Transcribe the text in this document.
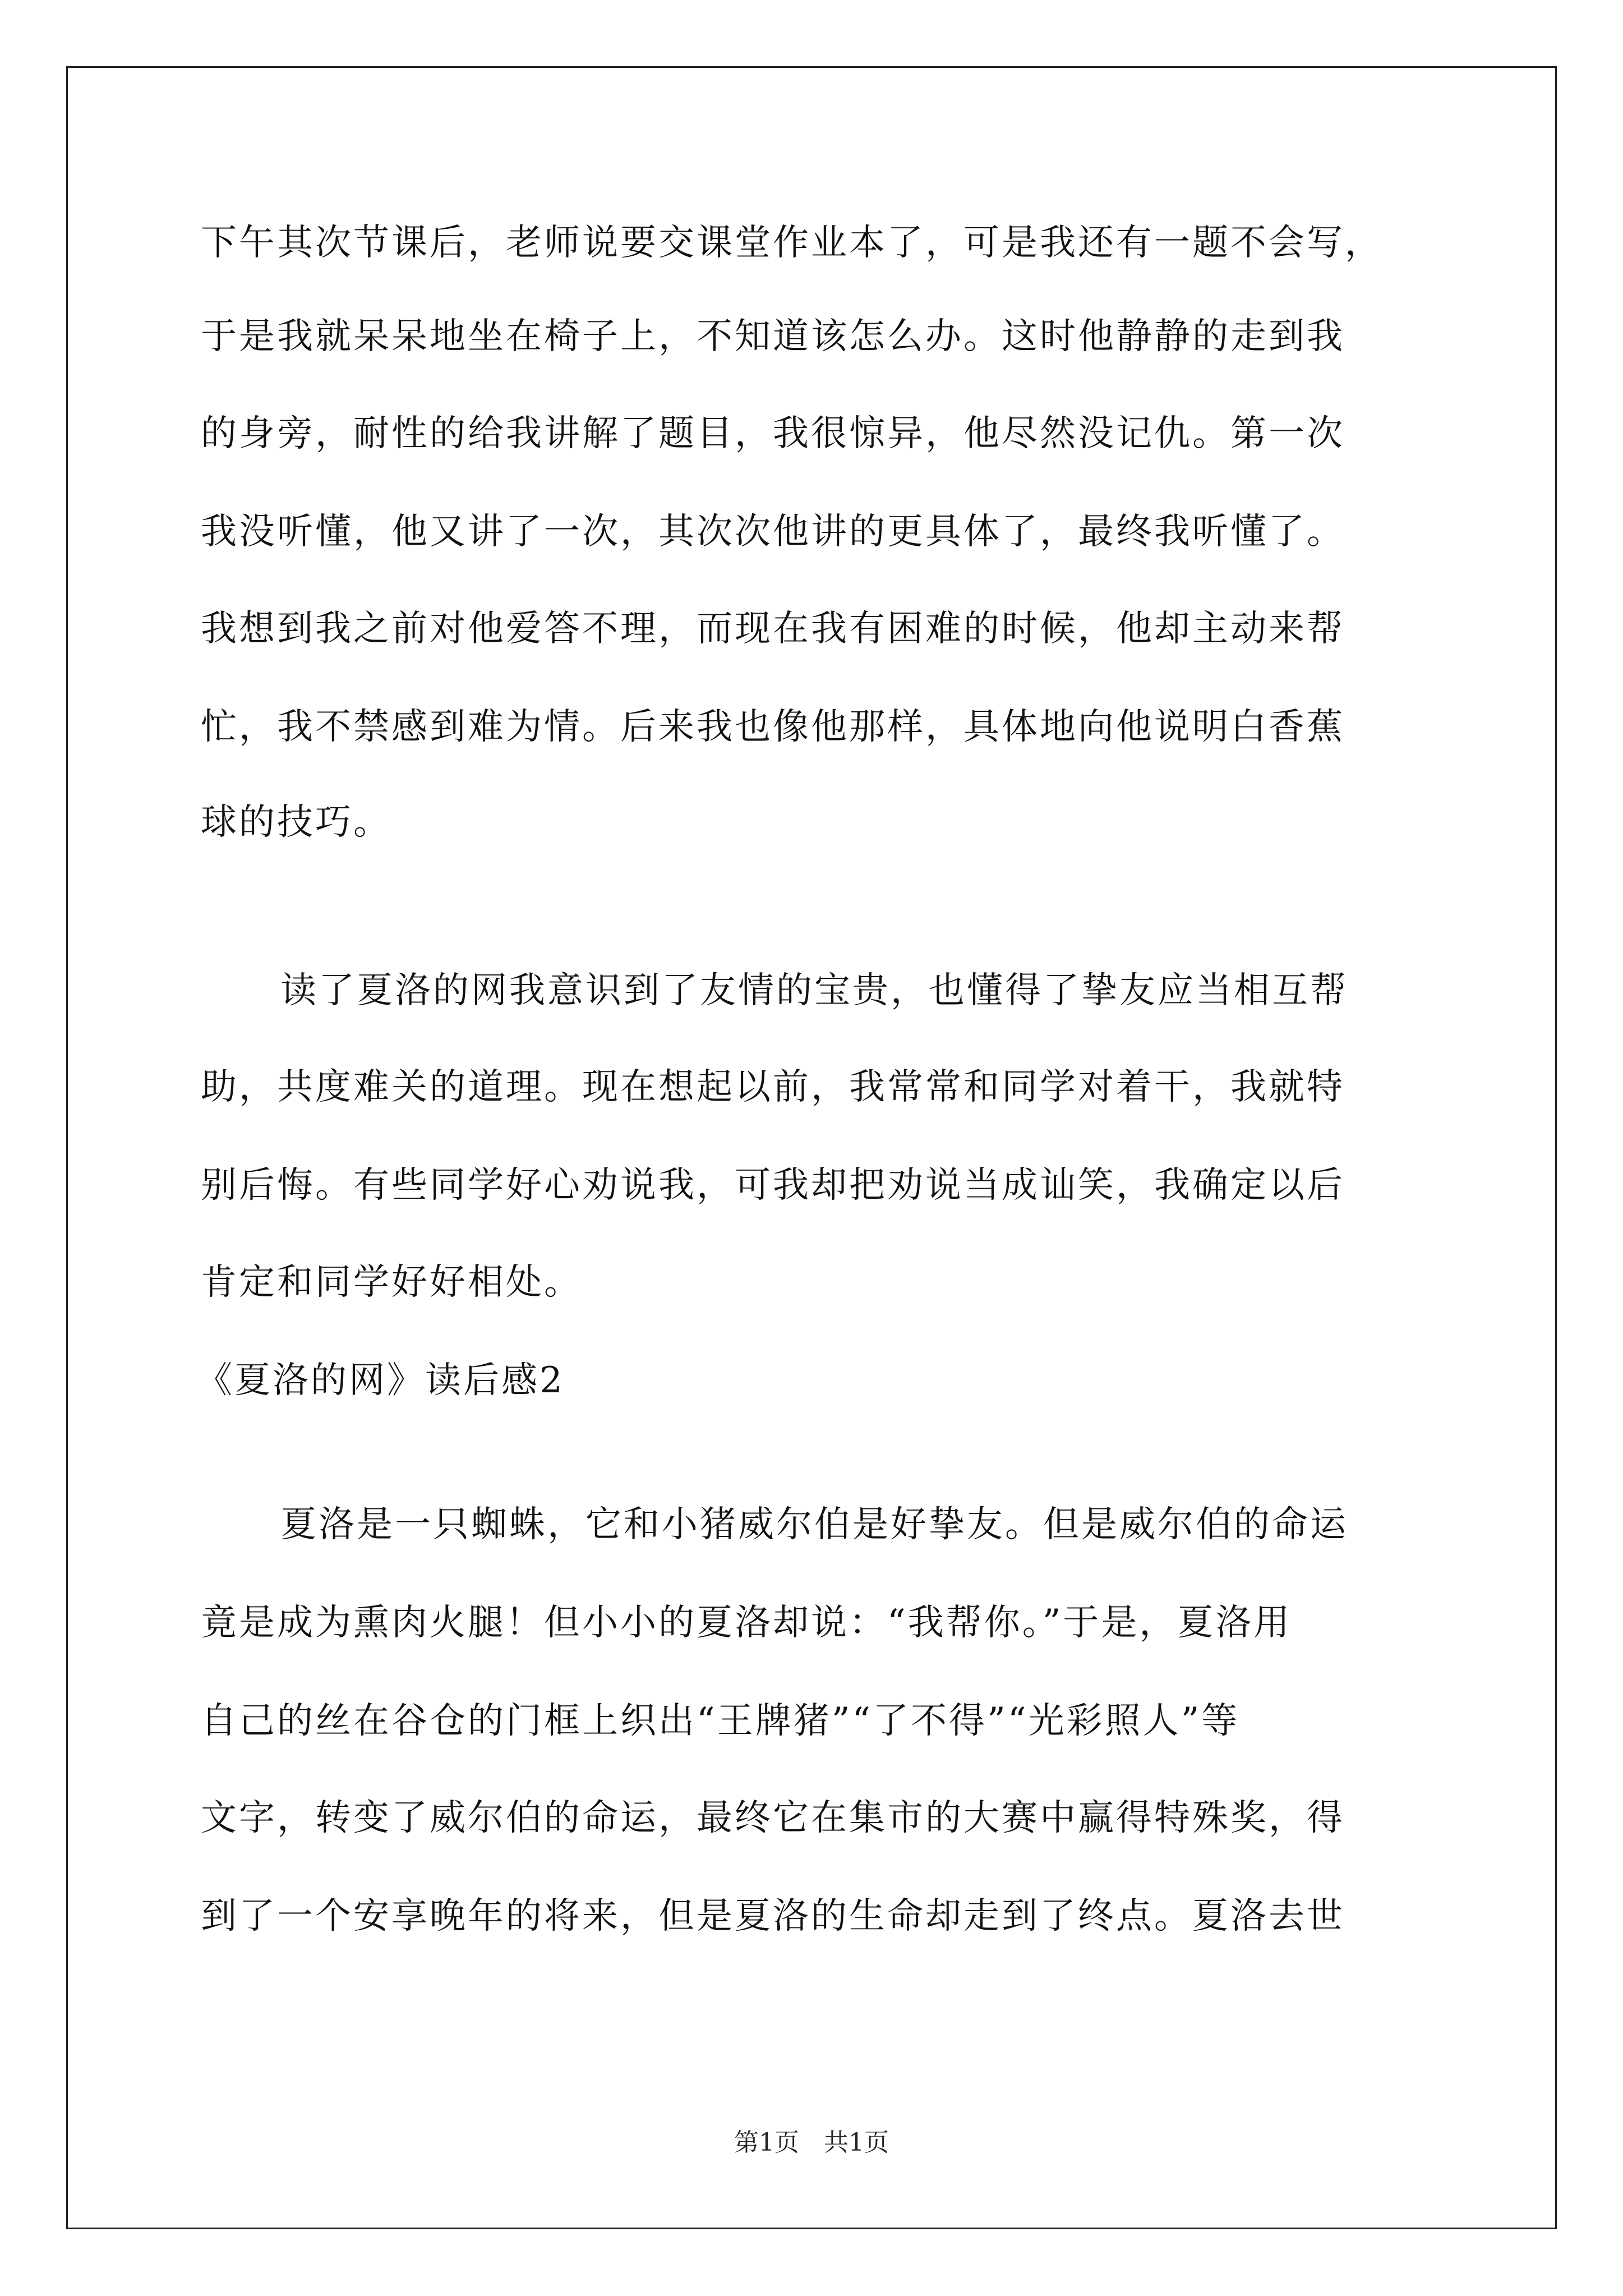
下午其次节课后，老师说要交课堂作业本了，可是我还有一题不会写，
于是我就呆呆地坐在椅子上，不知道该怎么办。这时他静静的走到我
的身旁，耐性的给我讲解了题目，我很惊异，他尽然没记仇。第一次
我没听懂，他又讲了一次，其次次他讲的更具体了，最终我听懂了。
我想到我之前对他爱答不理，而现在我有困难的时候，他却主动来帮
忙，我不禁感到难为情。后来我也像他那样，具体地向他说明白香蕉
球的技巧。
读了夏洛的网我意识到了友情的宝贵，也懂得了挚友应当相互帮
助，共度难关的道理。现在想起以前，我常常和同学对着干，我就特
别后悔。有些同学好心劝说我，可我却把劝说当成讪笑，我确定以后
肯定和同学好好相处。
《夏洛的网》读后感2
夏洛是一只蜘蛛，它和小猪威尔伯是好挚友。但是威尔伯的命运
竟是成为熏肉火腿！但小小的夏洛却说：“我帮你。”于是，夏洛用
自己的丝在谷仓的门框上织出“王牌猪”“了不得”“光彩照人”等
文字，转变了威尔伯的命运，最终它在集市的大赛中赢得特殊奖，得
到了一个安享晚年的将来，但是夏洛的生命却走到了终点。夏洛去世
第1页　共1页
